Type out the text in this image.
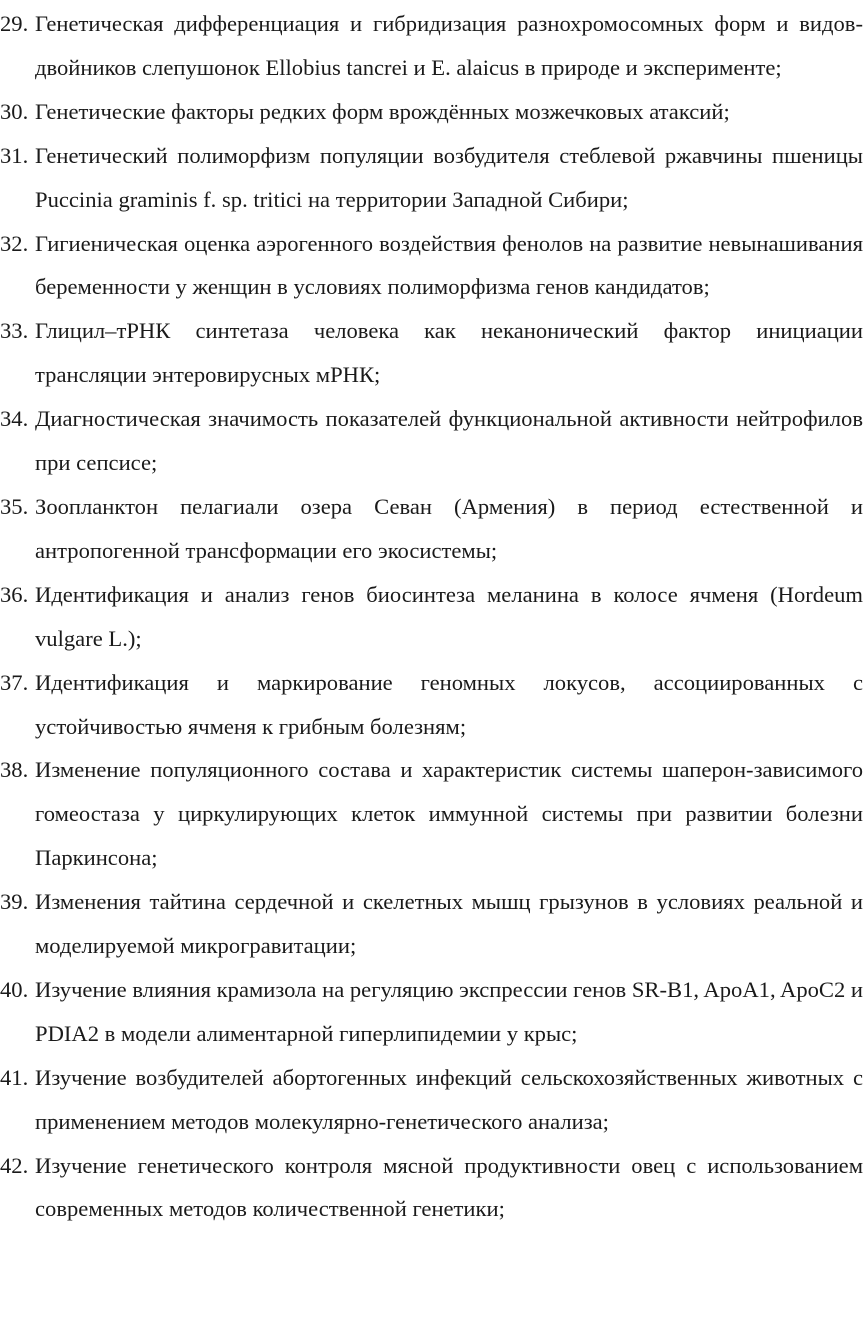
29. Генетическая дифференциация и гибридизация разнохромосомных форм и видов-двойников слепушонок Ellobius tancrei и E. alaicus в природе и эксперименте;
30. Генетические факторы редких форм врождённых мозжечковых атаксий;
31. Генетический полиморфизм популяции возбудителя стеблевой ржавчины пшеницы Puccinia graminis f. sp. tritici на территории Западной Сибири;
32. Гигиеническая оценка аэрогенного воздействия фенолов на развитие невынашивания беременности у женщин в условиях полиморфизма генов кандидатов;
33. Глицил–тРНК синтетаза человека как неканонический фактор инициации трансляции энтеровирусных мРНК;
34. Диагностическая значимость показателей функциональной активности нейтрофилов при сепсисе;
35. Зоопланктон пелагиали озера Севан (Армения) в период естественной и антропогенной трансформации его экосистемы;
36. Идентификация и анализ генов биосинтеза меланина в колосе ячменя (Hordeum vulgare L.);
37. Идентификация и маркирование геномных локусов, ассоциированных с устойчивостью ячменя к грибным болезням;
38. Изменение популяционного состава и характеристик системы шаперон-зависимого гомеостаза у циркулирующих клеток иммунной системы при развитии болезни Паркинсона;
39. Изменения тайтина сердечной и скелетных мышц грызунов в условиях реальной и моделируемой микрогравитации;
40. Изучение влияния крамизола на регуляцию экспрессии генов SR-B1, ApoA1, ApoC2 и PDIA2 в модели алиментарной гиперлипидемии у крыс;
41. Изучение возбудителей абортогенных инфекций сельскохозяйственных животных с применением методов молекулярно-генетического анализа;
42. Изучение генетического контроля мясной продуктивности овец с использованием современных методов количественной генетики;
